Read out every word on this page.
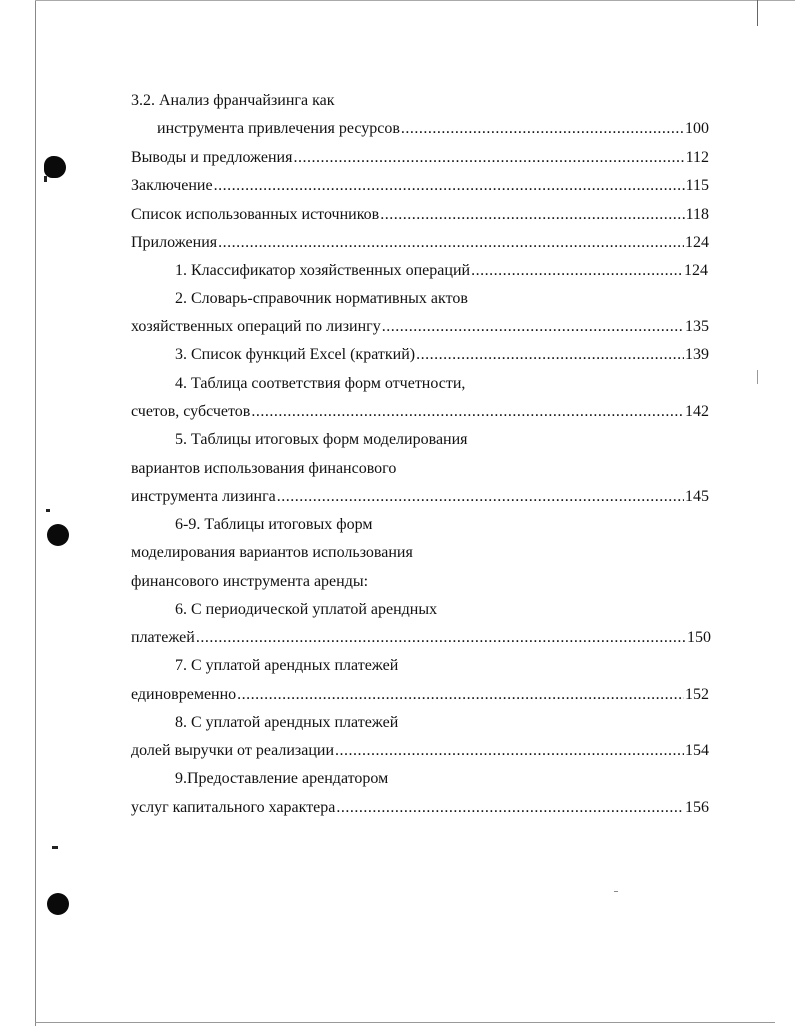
3.2. Анализ франчайзинга как
инструмента привлечения ресурсов .....	100
Выводы и предложения .....	112
Заключение .....	115
Список использованных источников .....	118
Приложения .....	124
1. Классификатор хозяйственных операций .....	124
2. Словарь-справочник нормативных актов
хозяйственных операций по лизингу .....	135
3. Список функций Excel (краткий) .....	139
4. Таблица соответствия форм отчетности,
счетов, субсчетов .....	142
5. Таблицы итоговых форм моделирования
вариантов использования финансового
инструмента лизинга .....	145
6-9. Таблицы итоговых форм
моделирования вариантов использования
финансового инструмента аренды:
6. С периодической уплатой арендных
платежей .....	150
7. С уплатой арендных платежей
единовременно .....	152
8. С уплатой арендных платежей
долей выручки от реализации .....	154
9.Предоставление арендатором
услуг капитального характера .....	156
